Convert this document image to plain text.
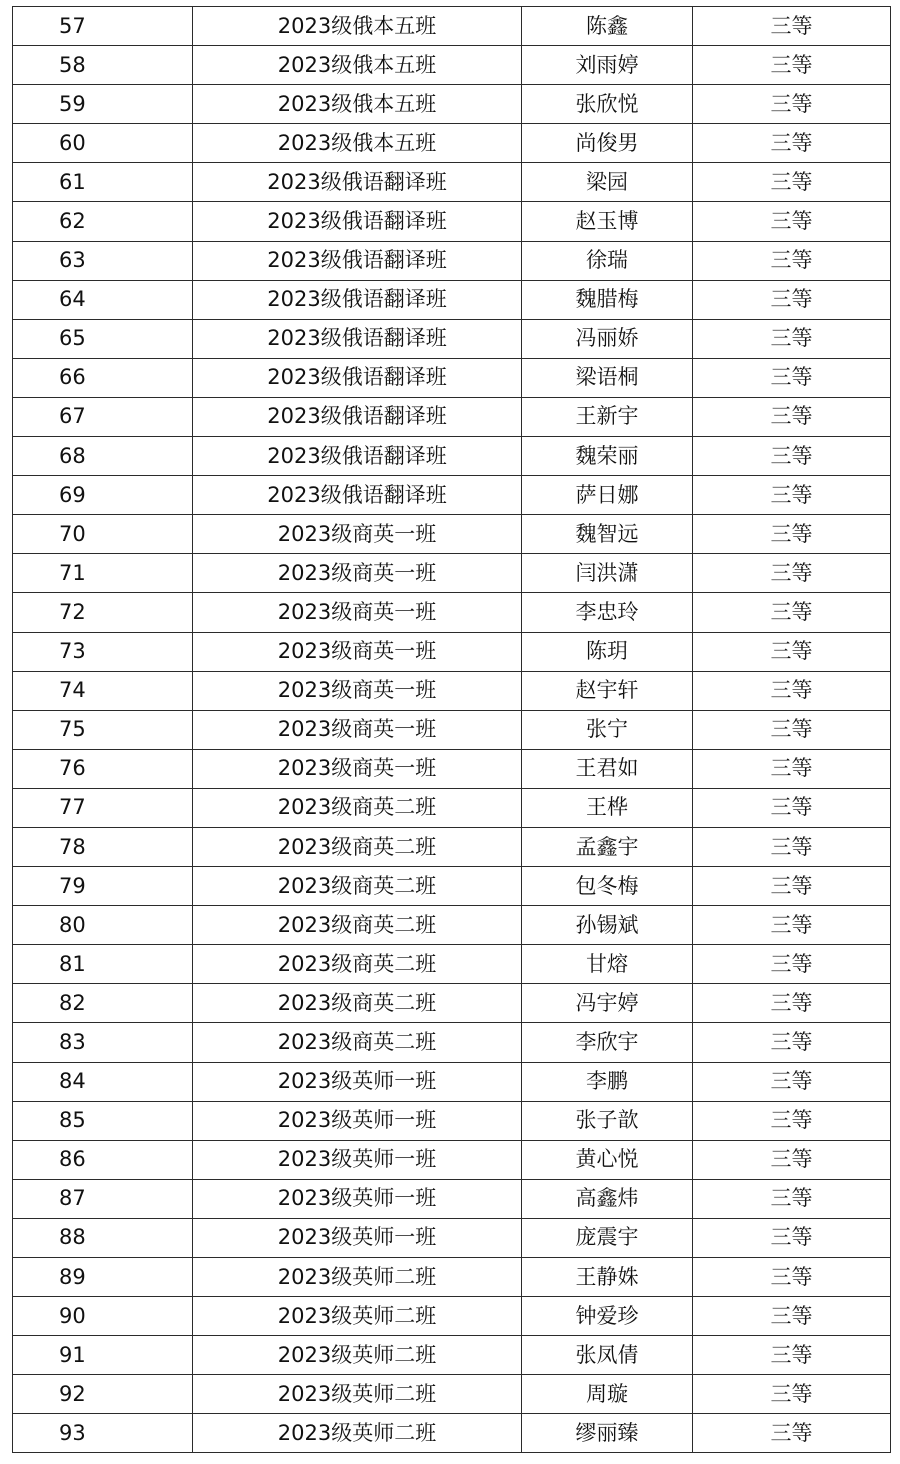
57	2023级俄本五班	陈鑫	三等
58	2023级俄本五班	刘雨婷	三等
59	2023级俄本五班	张欣悦	三等
60	2023级俄本五班	尚俊男	三等
61	2023级俄语翻译班	梁园	三等
62	2023级俄语翻译班	赵玉博	三等
63	2023级俄语翻译班	徐瑞	三等
64	2023级俄语翻译班	魏腊梅	三等
65	2023级俄语翻译班	冯丽娇	三等
66	2023级俄语翻译班	梁语桐	三等
67	2023级俄语翻译班	王新宇	三等
68	2023级俄语翻译班	魏荣丽	三等
69	2023级俄语翻译班	萨日娜	三等
70	2023级商英一班	魏智远	三等
71	2023级商英一班	闫洪潇	三等
72	2023级商英一班	李忠玲	三等
73	2023级商英一班	陈玥	三等
74	2023级商英一班	赵宇轩	三等
75	2023级商英一班	张宁	三等
76	2023级商英一班	王君如	三等
77	2023级商英二班	王桦	三等
78	2023级商英二班	孟鑫宇	三等
79	2023级商英二班	包冬梅	三等
80	2023级商英二班	孙锡斌	三等
81	2023级商英二班	甘熔	三等
82	2023级商英二班	冯宇婷	三等
83	2023级商英二班	李欣宇	三等
84	2023级英师一班	李鹏	三等
85	2023级英师一班	张子歆	三等
86	2023级英师一班	黄心悦	三等
87	2023级英师一班	高鑫炜	三等
88	2023级英师一班	庞震宇	三等
89	2023级英师二班	王静姝	三等
90	2023级英师二班	钟爱珍	三等
91	2023级英师二班	张凤倩	三等
92	2023级英师二班	周璇	三等
93	2023级英师二班	缪丽臻	三等
